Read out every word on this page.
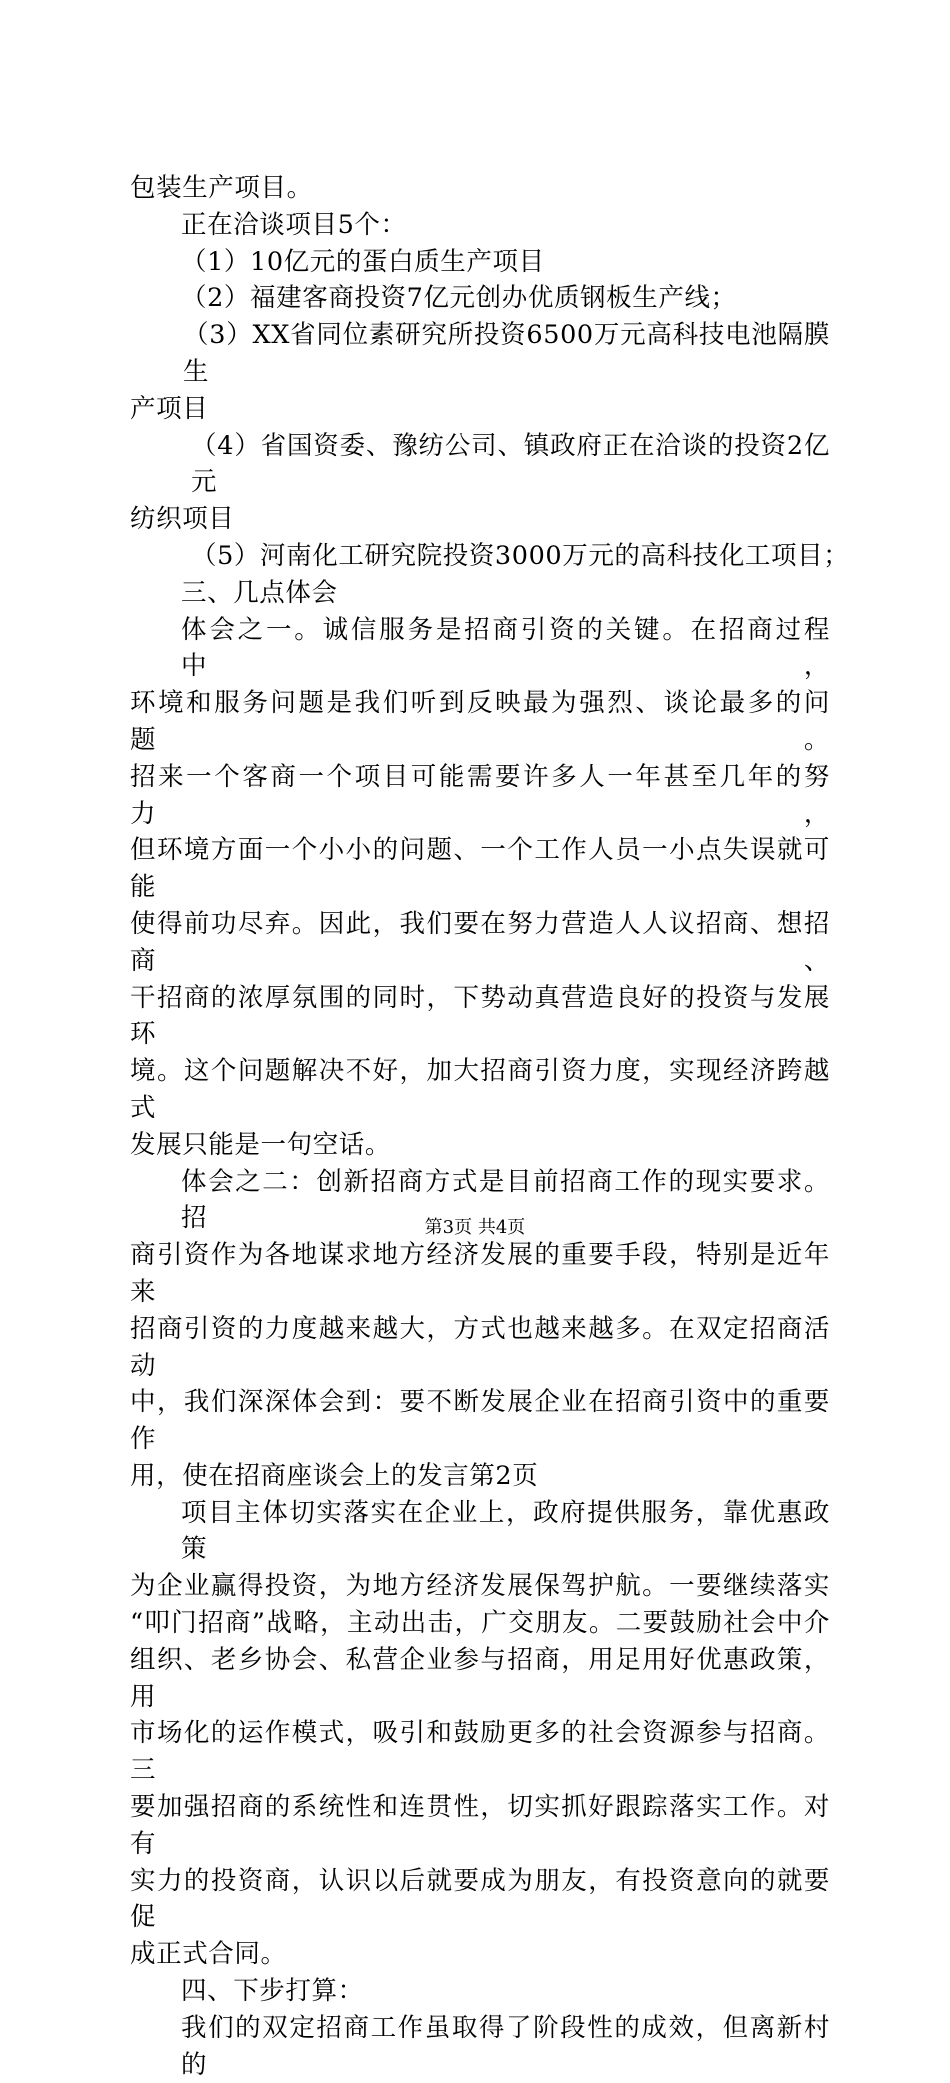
包装生产项目。
正在洽谈项目5个：
（1）10亿元的蛋白质生产项目
（2）福建客商投资7亿元创办优质钢板生产线；
（3）XX省同位素研究所投资6500万元高科技电池隔膜生
产项目
（4）省国资委、豫纺公司、镇政府正在洽谈的投资2亿元
纺织项目
（5）河南化工研究院投资3000万元的高科技化工项目；
三、几点体会
体会之一。诚信服务是招商引资的关键。在招商过程中，
环境和服务问题是我们听到反映最为强烈、谈论最多的问题。
招来一个客商一个项目可能需要许多人一年甚至几年的努力，
但环境方面一个小小的问题、一个工作人员一小点失误就可能
使得前功尽弃。因此，我们要在努力营造人人议招商、想招商、
干招商的浓厚氛围的同时，下势动真营造良好的投资与发展环
境。这个问题解决不好，加大招商引资力度，实现经济跨越式
发展只能是一句空话。
体会之二：创新招商方式是目前招商工作的现实要求。招
商引资作为各地谋求地方经济发展的重要手段，特别是近年来
招商引资的力度越来越大，方式也越来越多。在双定招商活动
中，我们深深体会到：要不断发展企业在招商引资中的重要作
用，使在招商座谈会上的发言第2页
项目主体切实落实在企业上，政府提供服务，靠优惠政策
为企业赢得投资，为地方经济发展保驾护航。一要继续落实
“叩门招商”战略，主动出击，广交朋友。二要鼓励社会中介
组织、老乡协会、私营企业参与招商，用足用好优惠政策，用
市场化的运作模式，吸引和鼓励更多的社会资源参与招商。三
要加强招商的系统性和连贯性，切实抓好跟踪落实工作。对有
实力的投资商，认识以后就要成为朋友，有投资意向的就要促
成正式合同。
四、下步打算：
我们的双定招商工作虽取得了阶段性的成效，但离新村的
第3页 共4页
